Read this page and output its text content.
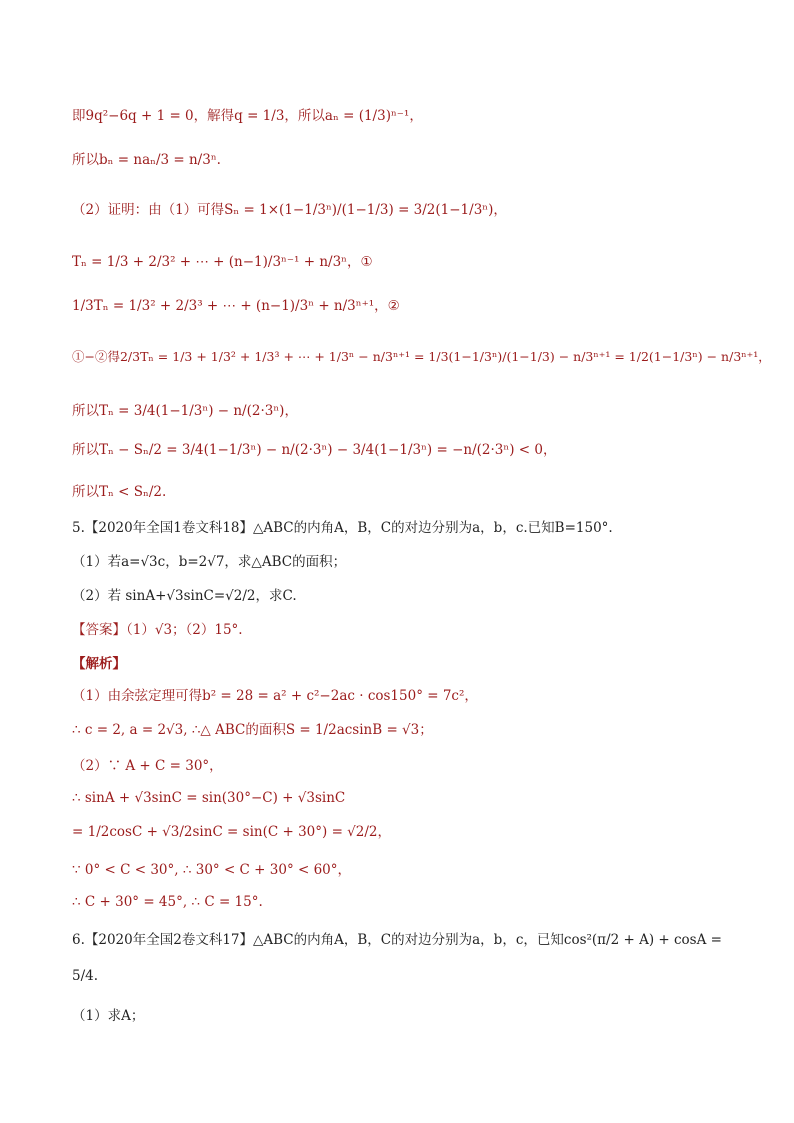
即9q²−6q + 1 = 0，解得q = 1/3，所以aₙ = (1/3)ⁿ⁻¹，
所以bₙ = naₙ/3 = n/3ⁿ.
（2）证明：由（1）可得Sₙ = 1×(1−1/3ⁿ)/(1−1/3) = 3/2(1−1/3ⁿ)，
Tₙ = 1/3 + 2/3² + ⋯ + (n−1)/3ⁿ⁻¹ + n/3ⁿ，①
1/3Tₙ = 1/3² + 2/3³ + ⋯ + (n−1)/3ⁿ + n/3ⁿ⁺¹，②
①−②得2/3Tₙ = 1/3 + 1/3² + 1/3³ + ⋯ + 1/3ⁿ − n/3ⁿ⁺¹ = 1/3(1−1/3ⁿ)/(1−1/3) − n/3ⁿ⁺¹ = 1/2(1−1/3ⁿ) − n/3ⁿ⁺¹，
所以Tₙ = 3/4(1−1/3ⁿ) − n/(2·3ⁿ)，
所以Tₙ − Sₙ/2 = 3/4(1−1/3ⁿ) − n/(2·3ⁿ) − 3/4(1−1/3ⁿ) = −n/(2·3ⁿ) < 0，
所以Tₙ < Sₙ/2.
5.【2020年全国1卷文科18】△ABC的内角A，B，C的对边分别为a，b，c.已知B=150°.
（1）若a=√3c，b=2√7，求△ABC的面积；
（2）若 sinA+√3sinC=√2/2，求C.
【答案】（1）√3；（2）15°.
【解析】
（1）由余弦定理可得b² = 28 = a² + c²−2ac · cos150° = 7c²，
∴ c = 2, a = 2√3, ∴△ ABC的面积S = 1/2acsinB = √3；
（2）∵ A + C = 30°，
∴ sinA + √3sinC = sin(30°−C) + √3sinC
= 1/2cosC + √3/2sinC = sin(C + 30°) = √2/2，
∵ 0° < C < 30°, ∴ 30° < C + 30° < 60°，
∴ C + 30° = 45°, ∴ C = 15°.
6.【2020年全国2卷文科17】△ABC的内角A，B，C的对边分别为a，b，c，已知cos²(π/2 + A) + cosA =
5/4.
（1）求A；
